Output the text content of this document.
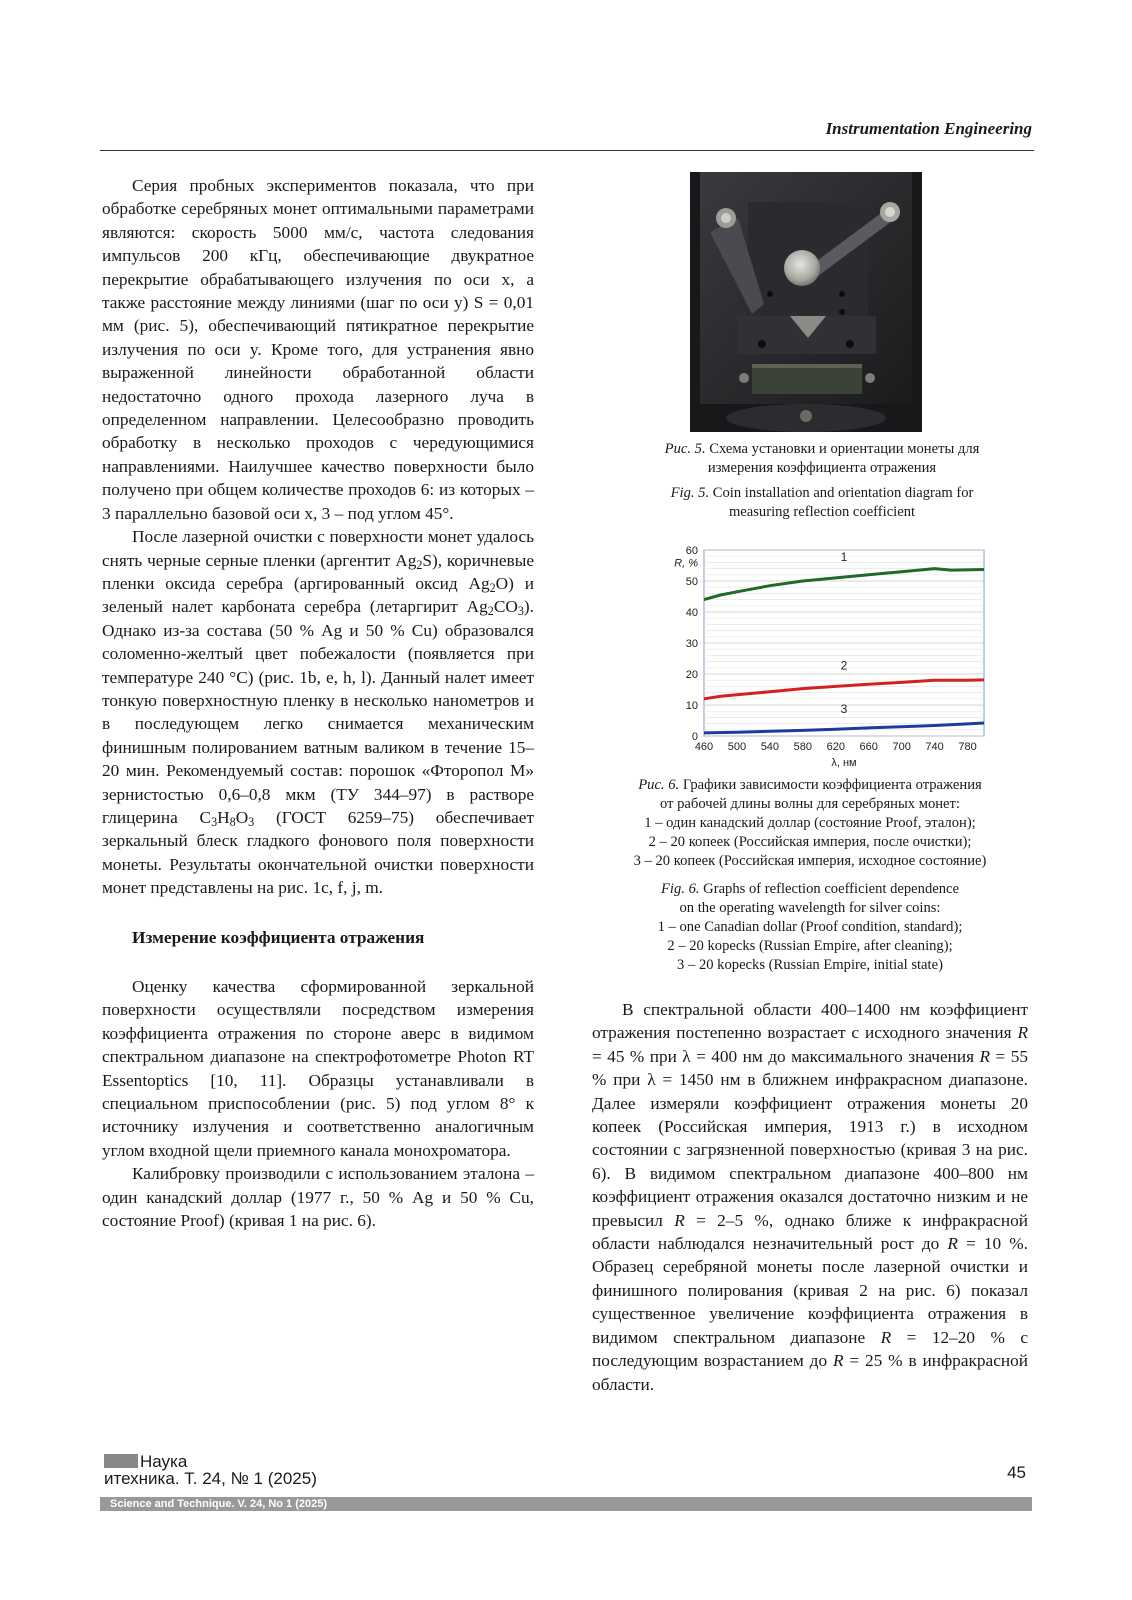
Instrumentation Engineering

Серия пробных экспериментов показала, что при обработке серебряных монет оптимальными параметрами являются: скорость 5000 мм/с, частота следования импульсов 200 кГц, обеспечивающие двукратное перекрытие обрабатывающего излучения по оси x, а также расстояние между линиями (шаг по оси y) S = 0,01 мм (рис. 5), обеспечивающий пятикратное перекрытие излучения по оси y. Кроме того, для устранения явно выраженной линейности обработанной области недостаточно одного прохода лазерного луча в определенном направлении. Целесообразно проводить обработку в несколько проходов с чередующимися направлениями. Наилучшее качество поверхности было получено при общем количестве проходов 6: из которых – 3 параллельно базовой оси x, 3 – под углом 45°.

После лазерной очистки с поверхности монет удалось снять черные серные пленки (аргентит $Ag_2S$), коричневые пленки оксида серебра (аргированный оксид $Ag_2O$) и зеленый налет карбоната серебра (летаргирит $Ag_2CO_3$). Однако из-за состава (50 % Ag и 50 % Cu) образовался соломенно-желтый цвет побежалости (появляется при температуре 240 °С) (рис. 1b, e, h, l). Данный налет имеет тонкую поверхностную пленку в несколько нанометров и в последующем легко снимается механическим финишным полированием ватным валиком в течение 15–20 мин. Рекомендуемый состав: порошок «Фторопол М» зернистостью 0,6–0,8 мкм (ТУ 344–97) в растворе глицерина $C_3H_8O_3$ (ГОСТ 6259–75) обеспечивает зеркальный блеск гладкого фонового поля поверхности монеты. Результаты окончательной очистки поверхности монет представлены на рис. 1c, f, j, m.

Измерение коэффициента отражения

Оценку качества сформированной зеркальной поверхности осуществляли посредством измерения коэффициента отражения по стороне аверс в видимом спектральном диапазоне на спектрофотометре Photon RT Essentoptics [10, 11]. Образцы устанавливали в специальном приспособлении (рис. 5) под углом 8° к источнику излучения и соответственно аналогичным углом входной щели приемного канала монохроматора.

Калибровку производили с использованием эталона – один канадский доллар (1977 г., 50 % Ag и 50 % Cu, состояние Proof) (кривая 1 на рис. 6).

Рис. 5. Схема установки и ориентации монеты для измерения коэффициента отражения
Fig. 5. Coin installation and orientation diagram for measuring reflection coefficient
0
10
20
30
40
50
60
460 500 540 580 620 660 700 740 780
R, %
λ, нм
1
2
3
Рис. 6. Графики зависимости коэффициента отражения
от рабочей длины волны для серебряных монет:
1 – один канадский доллар (состояние Proof, эталон);
2 – 20 копеек (Российская империя, после очистки);
3 – 20 копеек (Российская империя, исходное состояние)
Fig. 6. Graphs of reflection coefficient dependence
on the operating wavelength for silver coins:
1 – one Canadian dollar (Proof condition, standard);
2 – 20 kopecks (Russian Empire, after cleaning);
3 – 20 kopecks (Russian Empire, initial state)

В спектральной области 400–1400 нм коэффициент отражения постепенно возрастает с исходного значения R = 45 % при λ = 400 нм до максимального значения R = 55 % при λ = 1450 нм в ближнем инфракрасном диапазоне. Далее измеряли коэффициент отражения монеты 20 копеек (Российская империя, 1913 г.) в исходном состоянии с загрязненной поверхностью (кривая 3 на рис. 6). В видимом спектральном диапазоне 400–800 нм коэффициент отражения оказался достаточно низким и не превысил R = 2–5 %, однако ближе к инфракрасной области наблюдался незначительный рост до R = 10 %. Образец серебряной монеты после лазерной очистки и финишного полирования (кривая 2 на рис. 6) показал существенное увеличение коэффициента отражения в видимом спектральном диапазоне R = 12–20 % с последующим возрастанием до R = 25 % в инфракрасной области.

Наука
итехника. Т. 24, № 1 (2025)	45
Science and Technique. V. 24, No 1 (2025)
